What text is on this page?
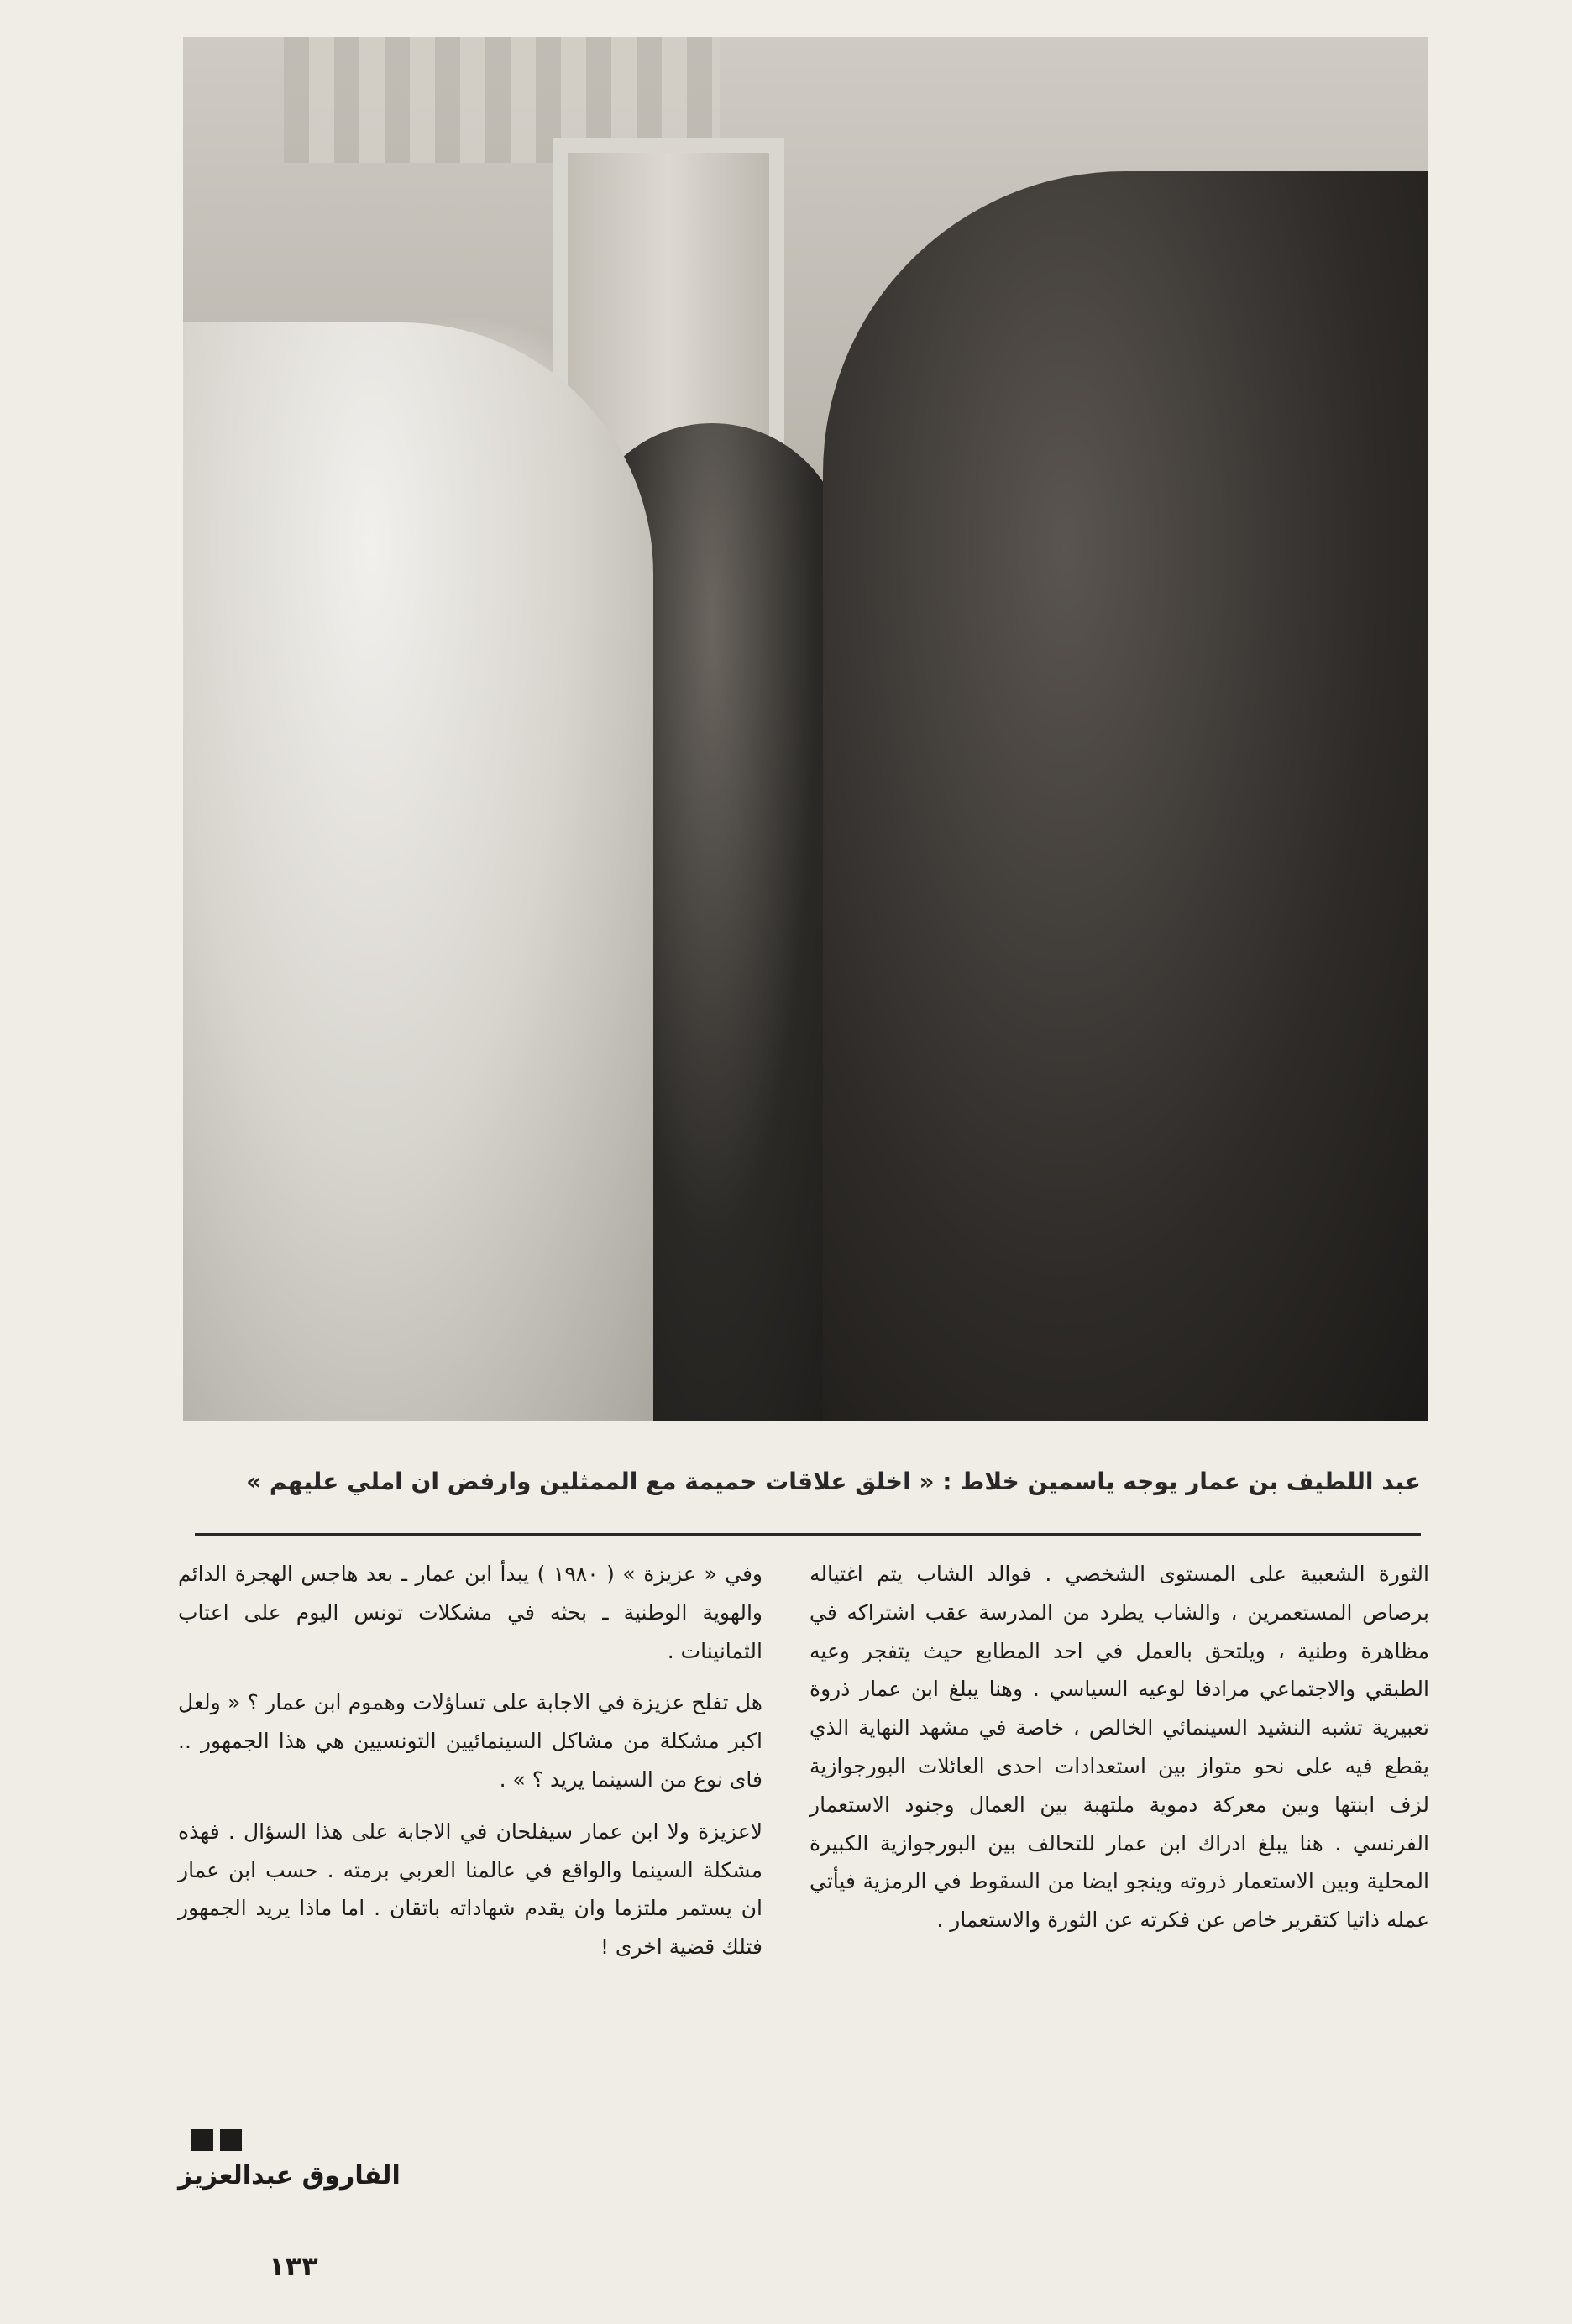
عبد اللطيف بن عمار يوجه ياسمين خلاط : « اخلق علاقات حميمة مع الممثلين وارفض ان املي عليهم »

الثورة الشعبية على المستوى الشخصي . فوالد الشاب يتم اغتياله برصاص المستعمرين ، والشاب يطرد من المدرسة عقب اشتراكه في مظاهرة وطنية ، ويلتحق بالعمل في احد المطابع حيث يتفجر وعيه الطبقي والاجتماعي مرادفا لوعيه السياسي . وهنا يبلغ ابن عمار ذروة تعبيرية تشبه النشيد السينمائي الخالص ، خاصة في مشهد النهاية الذي يقطع فيه على نحو متواز بين استعدادات احدى العائلات البورجوازية لزف ابنتها وبين معركة دموية ملتهبة بين العمال وجنود الاستعمار الفرنسي . هنا يبلغ ادراك ابن عمار للتحالف بين البورجوازية الكبيرة المحلية وبين الاستعمار ذروته وينجو ايضا من السقوط في الرمزية فيأتي عمله ذاتيا كتقرير خاص عن فكرته عن الثورة والاستعمار .

وفي « عزيزة » ( ١٩٨٠ ) يبدأ ابن عمار ـ بعد هاجس الهجرة الدائم والهوية الوطنية ـ بحثه في مشكلات تونس اليوم على اعتاب الثمانينات .

هل تفلح عزيزة في الاجابة على تساؤلات وهموم ابن عمار ؟ « ولعل اكبر مشكلة من مشاكل السينمائيين التونسيين هي هذا الجمهور .. فاى نوع من السينما يريد ؟ » .

لاعزيزة ولا ابن عمار سيفلحان في الاجابة على هذا السؤال . فهذه مشكلة السينما والواقع في عالمنا العربي برمته . حسب ابن عمار ان يستمر ملتزما وان يقدم شهاداته باتقان . اما ماذا يريد الجمهور فتلك قضية اخرى !

الفاروق عبدالعزيز
١٣٣
